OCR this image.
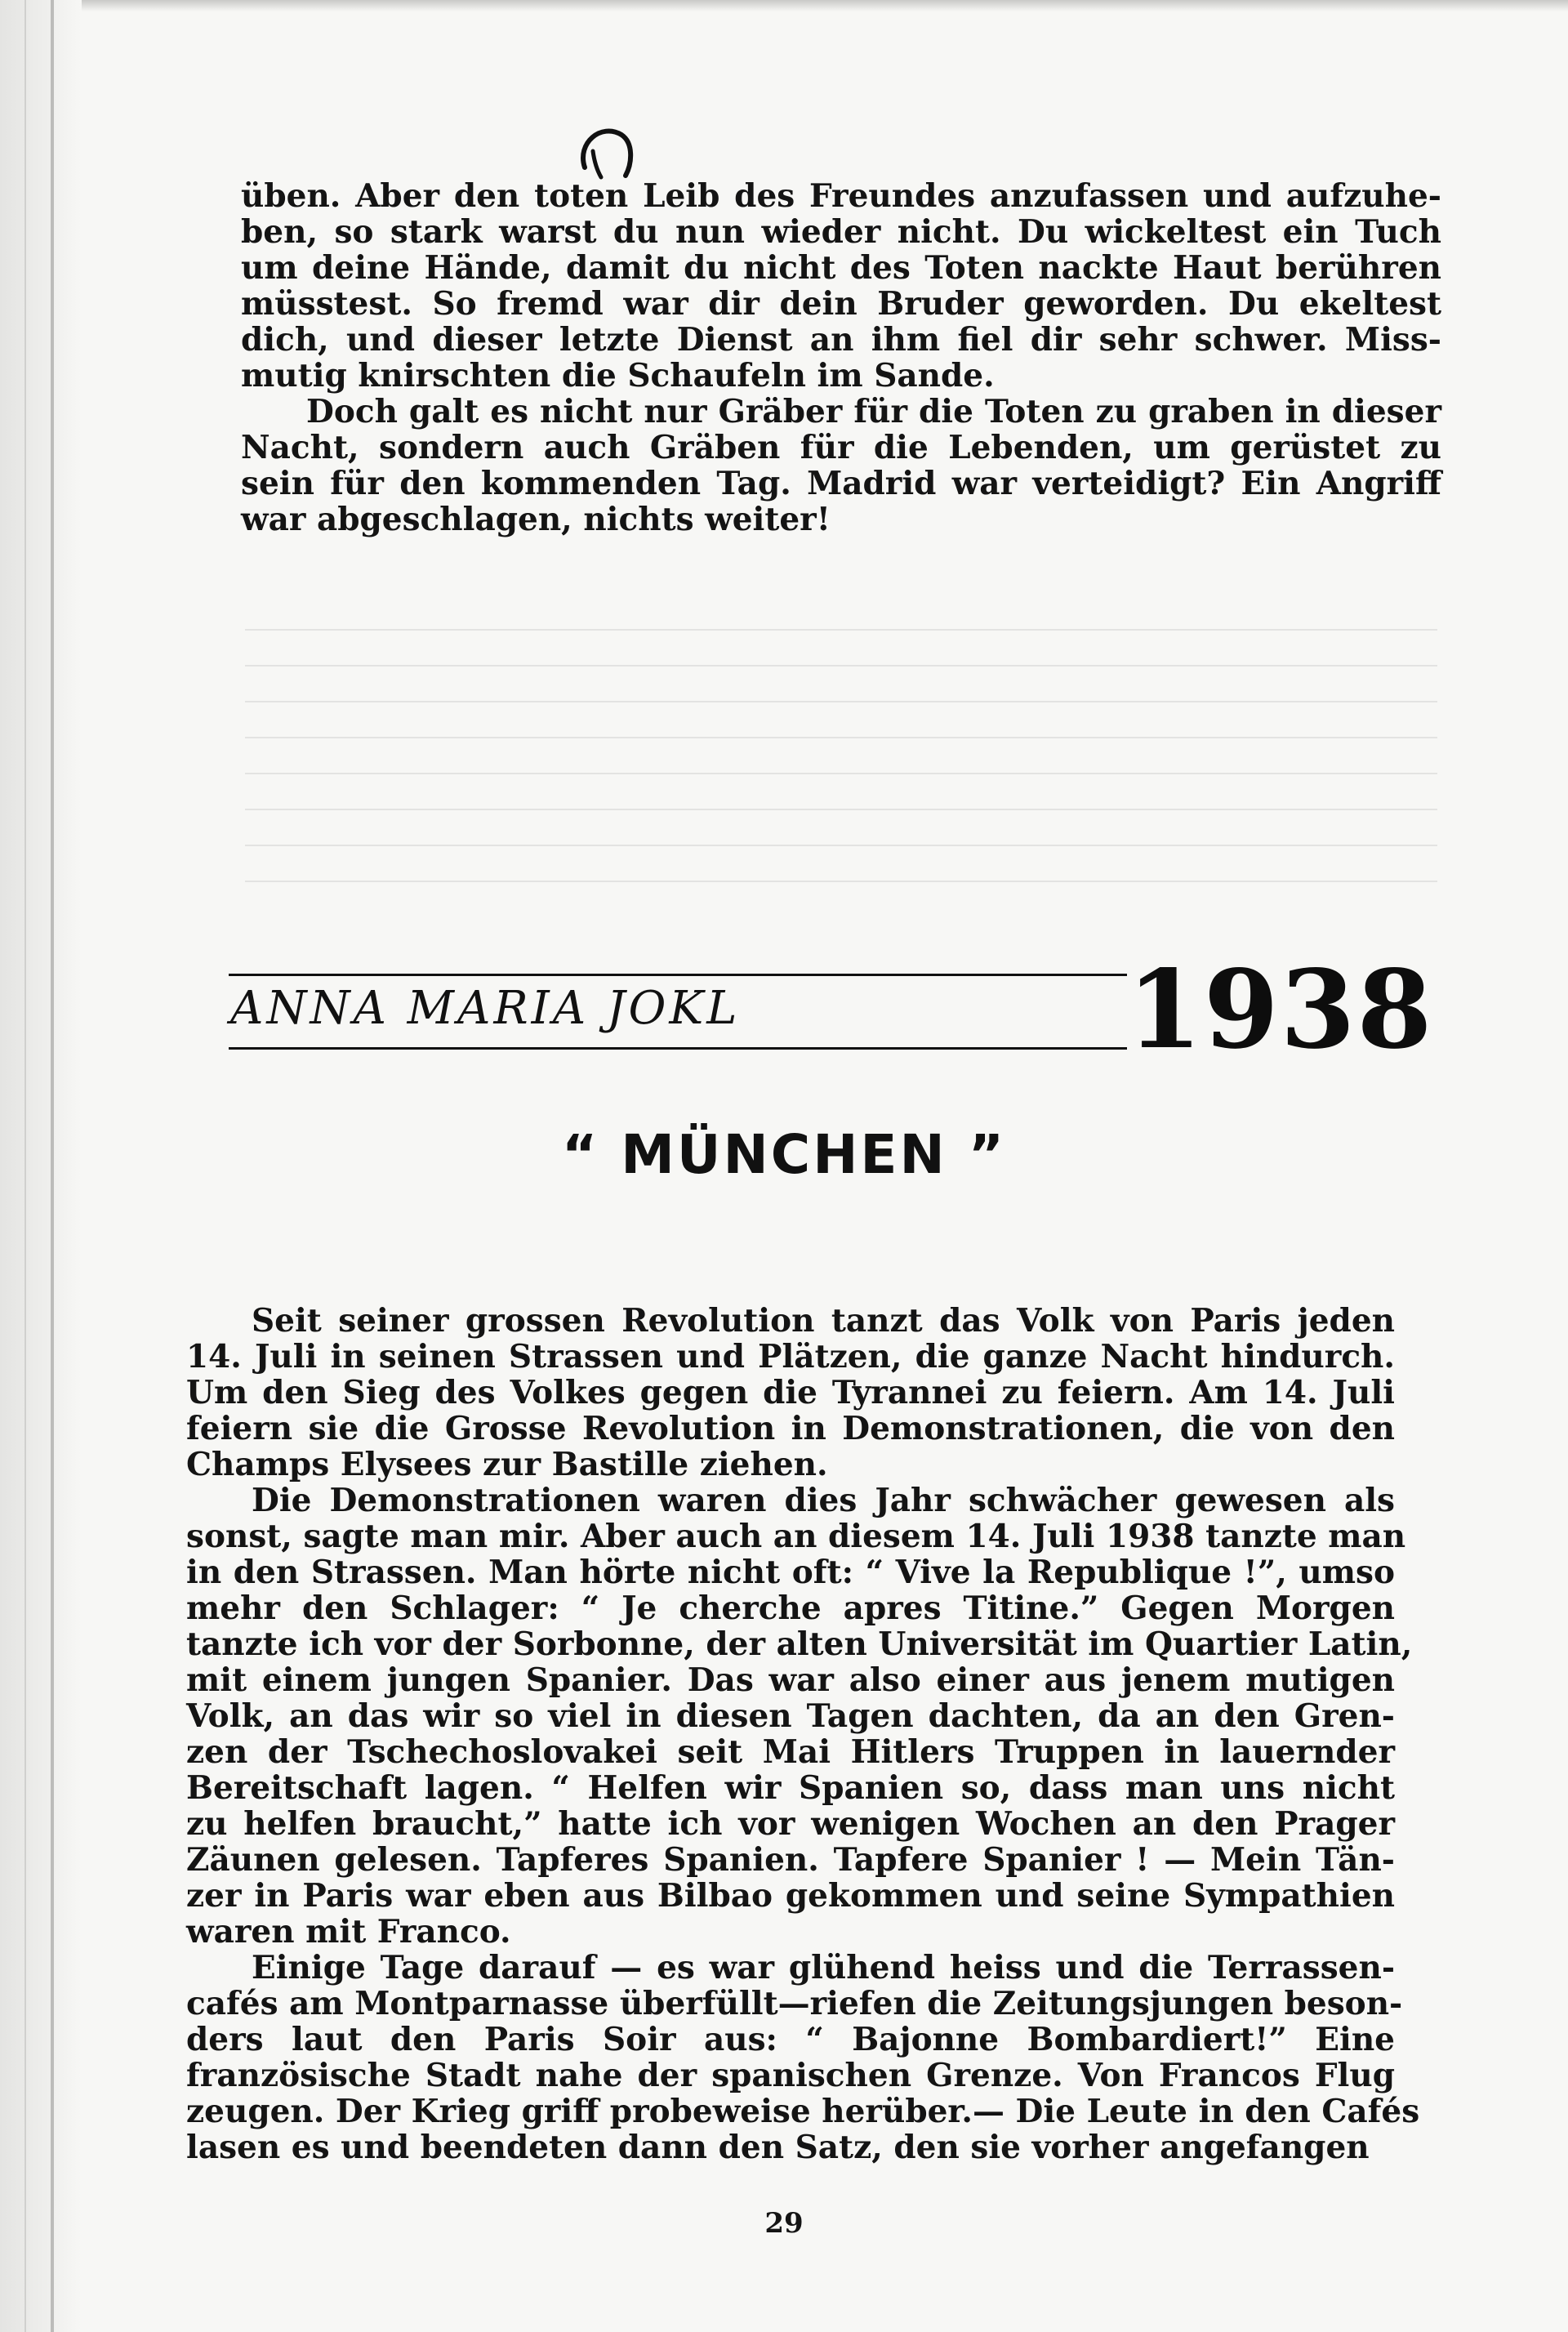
üben. Aber den toten Leib des Freundes anzufassen und aufzuhe-
ben, so stark warst du nun wieder nicht. Du wickeltest ein Tuch
um deine Hände, damit du nicht des Toten nackte Haut berühren
müsstest. So fremd war dir dein Bruder geworden. Du ekeltest
dich, und dieser letzte Dienst an ihm fiel dir sehr schwer. Miss-
mutig knirschten die Schaufeln im Sande.

Doch galt es nicht nur Gräber für die Toten zu graben in dieser
Nacht, sondern auch Gräben für die Lebenden, um gerüstet zu
sein für den kommenden Tag. Madrid war verteidigt? Ein Angriff
war abgeschlagen, nichts weiter!

ANNA MARIA JOKL	1938
“ MÜNCHEN ”

Seit seiner grossen Revolution tanzt das Volk von Paris jeden
14. Juli in seinen Strassen und Plätzen, die ganze Nacht hindurch.
Um den Sieg des Volkes gegen die Tyrannei zu feiern. Am 14. Juli
feiern sie die Grosse Revolution in Demonstrationen, die von den
Champs Elysees zur Bastille ziehen.

Die Demonstrationen waren dies Jahr schwächer gewesen als
sonst, sagte man mir. Aber auch an diesem 14. Juli 1938 tanzte man
in den Strassen. Man hörte nicht oft: “ Vive la Republique !”, umso
mehr den Schlager: “ Je cherche apres Titine.” Gegen Morgen
tanzte ich vor der Sorbonne, der alten Universität im Quartier Latin,
mit einem jungen Spanier. Das war also einer aus jenem mutigen
Volk, an das wir so viel in diesen Tagen dachten, da an den Gren-
zen der Tschechoslovakei seit Mai Hitlers Truppen in lauernder
Bereitschaft lagen. “ Helfen wir Spanien so, dass man uns nicht
zu helfen braucht,” hatte ich vor wenigen Wochen an den Prager
Zäunen gelesen. Tapferes Spanien. Tapfere Spanier ! — Mein Tän-
zer in Paris war eben aus Bilbao gekommen und seine Sympathien
waren mit Franco.

Einige Tage darauf — es war glühend heiss und die Terrassen-
cafés am Montparnasse überfüllt—riefen die Zeitungsjungen beson-
ders laut den Paris Soir aus: “ Bajonne Bombardiert!” Eine
französische Stadt nahe der spanischen Grenze. Von Francos Flug
zeugen. Der Krieg griff probeweise herüber.— Die Leute in den Cafés
lasen es und beendeten dann den Satz, den sie vorher angefangen

29
